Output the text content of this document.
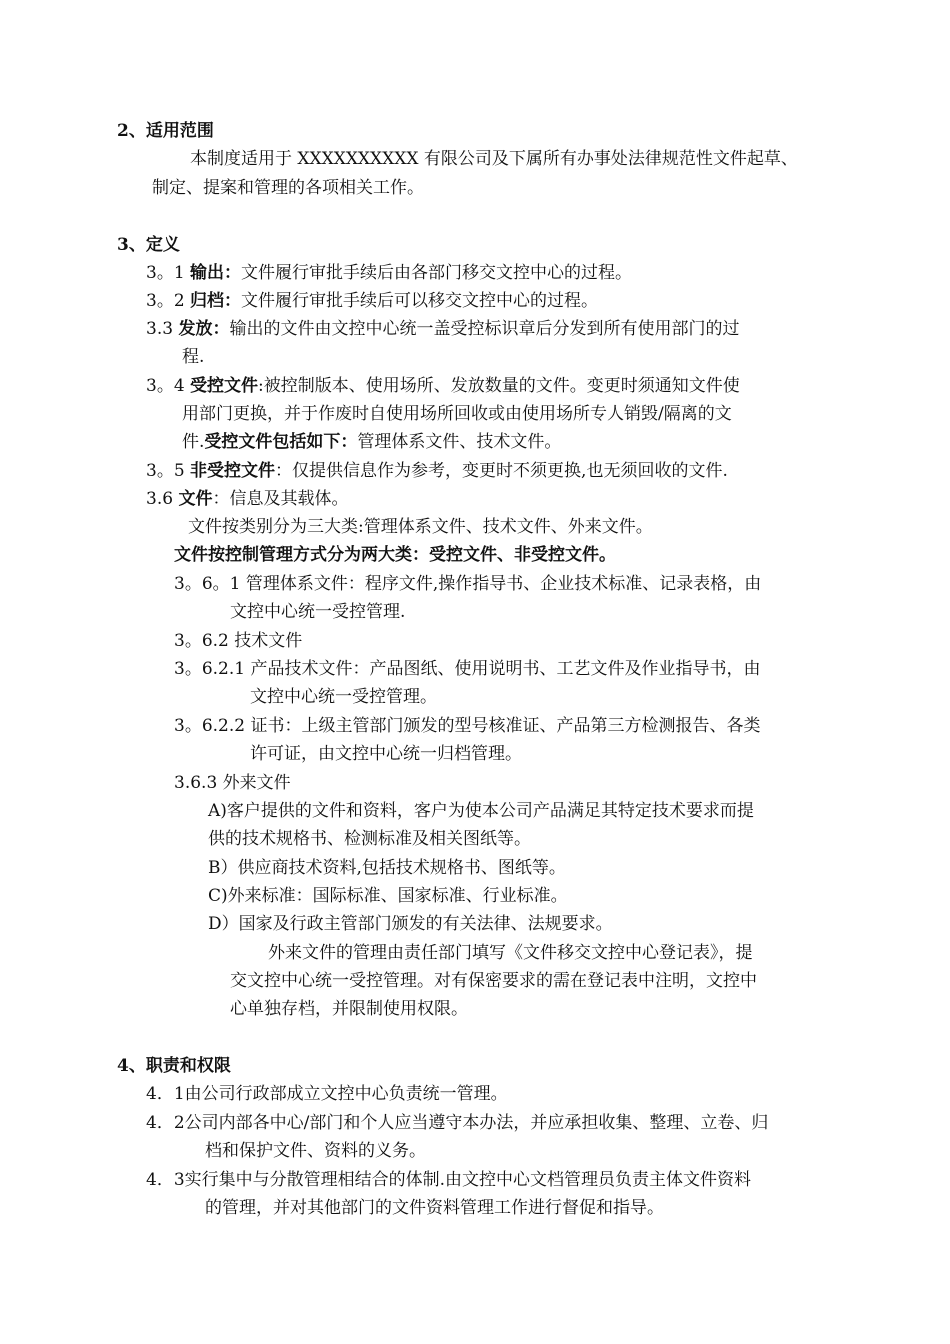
2、适用范围
本制度适用于 XXXXXXXXXX 有限公司及下属所有办事处法律规范性文件起草、
制定、提案和管理的各项相关工作。
3、定义
3。1 输出：文件履行审批手续后由各部门移交文控中心的过程。
3。2 归档：文件履行审批手续后可以移交文控中心的过程。
3.3 发放：输出的文件由文控中心统一盖受控标识章后分发到所有使用部门的过
程.
3。4 受控文件:被控制版本、使用场所、发放数量的文件。变更时须通知文件使
用部门更换，并于作废时自使用场所回收或由使用场所专人销毁/隔离的文
件.受控文件包括如下：管理体系文件、技术文件。
3。5 非受控文件：仅提供信息作为参考，变更时不须更换,也无须回收的文件.
3.6 文件：信息及其载体。
文件按类别分为三大类:管理体系文件、技术文件、外来文件。
文件按控制管理方式分为两大类：受控文件、非受控文件。
3。6。1 管理体系文件：程序文件,操作指导书、企业技术标准、记录表格，由
文控中心统一受控管理.
3。6.2 技术文件
3。6.2.1 产品技术文件：产品图纸、使用说明书、工艺文件及作业指导书，由
文控中心统一受控管理。
3。6.2.2 证书：上级主管部门颁发的型号核准证、产品第三方检测报告、各类
许可证，由文控中心统一归档管理。
3.6.3 外来文件
A)客户提供的文件和资料，客户为使本公司产品满足其特定技术要求而提
供的技术规格书、检测标准及相关图纸等。
B）供应商技术资料,包括技术规格书、图纸等。
C)外来标准：国际标准、国家标准、行业标准。
D）国家及行政主管部门颁发的有关法律、法规要求。
外来文件的管理由责任部门填写《文件移交文控中心登记表》，提
交文控中心统一受控管理。对有保密要求的需在登记表中注明，文控中
心单独存档，并限制使用权限。
4、职责和权限
4．1由公司行政部成立文控中心负责统一管理。
4．2公司内部各中心/部门和个人应当遵守本办法，并应承担收集、整理、立卷、归
档和保护文件、资料的义务。
4．3实行集中与分散管理相结合的体制.由文控中心文档管理员负责主体文件资料
的管理，并对其他部门的文件资料管理工作进行督促和指导。
